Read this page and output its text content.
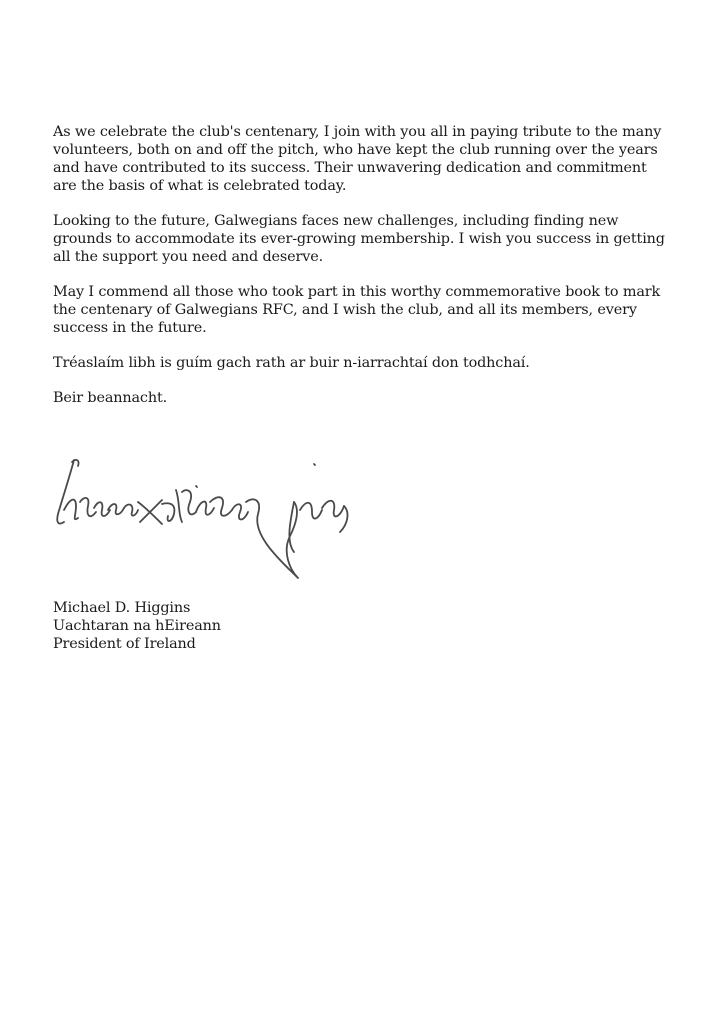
As we celebrate the club's centenary, I join with you all in paying tribute to the many volunteers, both on and off the pitch, who have kept the club running over the years and have contributed to its success. Their unwavering dedication and commitment are the basis of what is celebrated today.

Looking to the future, Galwegians faces new challenges, including finding new grounds to accommodate its ever-growing membership. I wish you success in getting all the support you need and deserve.

May I commend all those who took part in this worthy commemorative book to mark the centenary of Galwegians RFC, and I wish the club, and all its members, every success in the future.

Tréaslaím libh is guím gach rath ar buir n-iarrachtaí don todhchaí.

Beir beannacht.

Michael D. Higgins
Uachtaran na hEireann
President of Ireland
